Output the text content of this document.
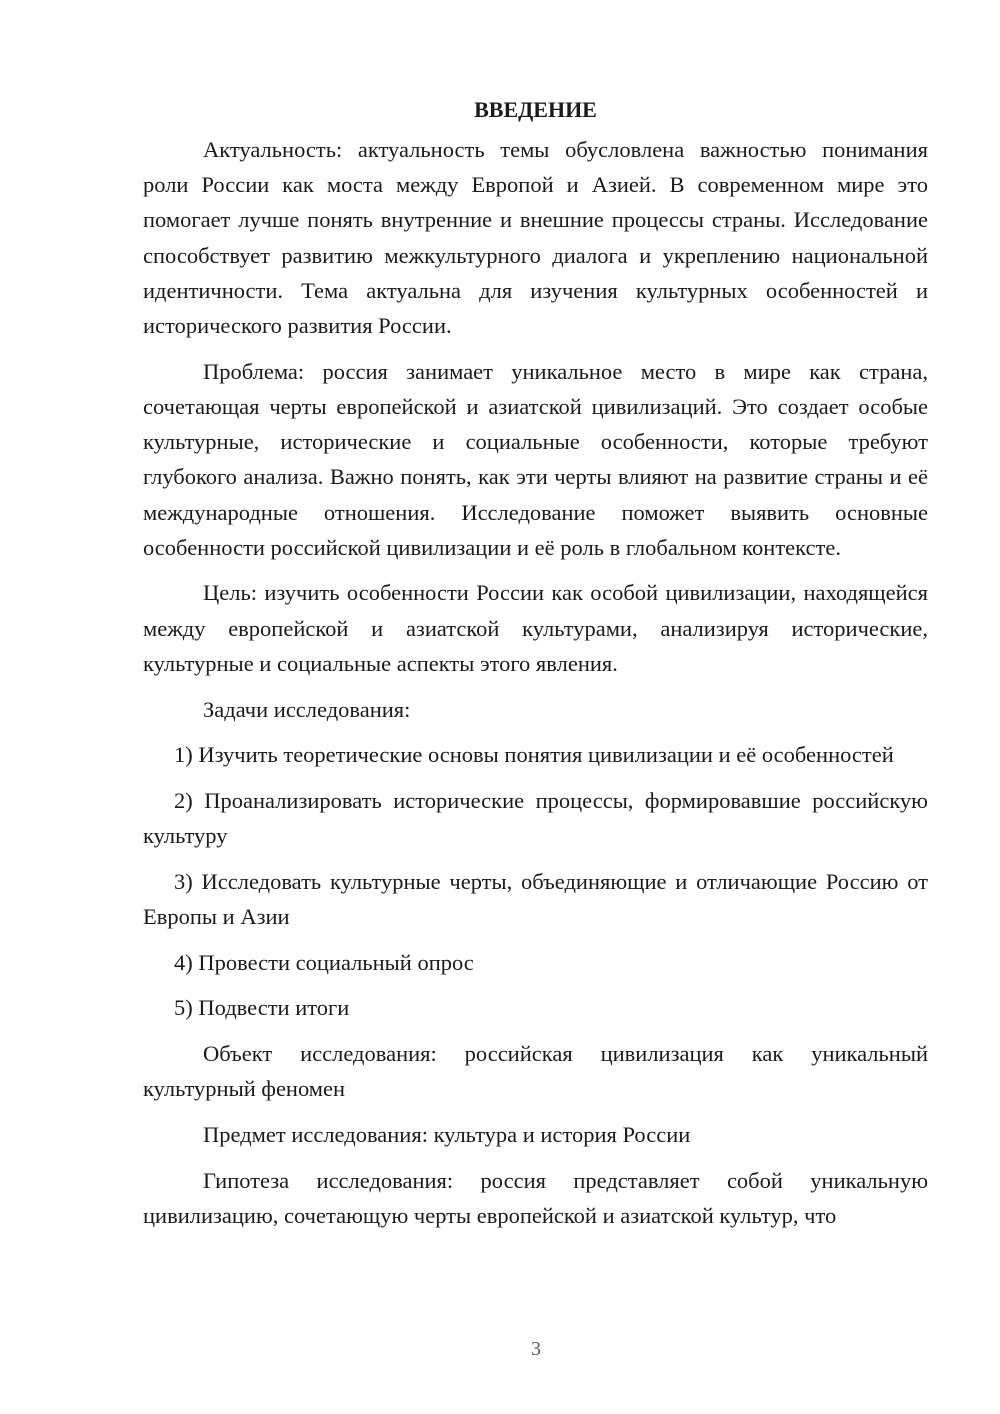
ВВЕДЕНИЕ

Актуальность: актуальность темы обусловлена важностью понимания роли России как моста между Европой и Азией. В современном мире это помогает лучше понять внутренние и внешние процессы страны. Исследование способствует развитию межкультурного диалога и укреплению национальной идентичности. Тема актуальна для изучения культурных особенностей и исторического развития России.

Проблема: россия занимает уникальное место в мире как страна, сочетающая черты европейской и азиатской цивилизаций. Это создает особые культурные, исторические и социальные особенности, которые требуют глубокого анализа. Важно понять, как эти черты влияют на развитие страны и её международные отношения. Исследование поможет выявить основные особенности российской цивилизации и её роль в глобальном контексте.

Цель: изучить особенности России как особой цивилизации, находящейся между европейской и азиатской культурами, анализируя исторические, культурные и социальные аспекты этого явления.

Задачи исследования:

1) Изучить теоретические основы понятия цивилизации и её особенностей

2) Проанализировать исторические процессы, формировавшие российскую культуру

3) Исследовать культурные черты, объединяющие и отличающие Россию от Европы и Азии

4) Провести социальный опрос

5) Подвести итоги

Объект исследования: российская цивилизация как уникальный культурный феномен

Предмет исследования: культура и история России

Гипотеза исследования: россия представляет собой уникальную цивилизацию, сочетающую черты европейской и азиатской культур, что

3
